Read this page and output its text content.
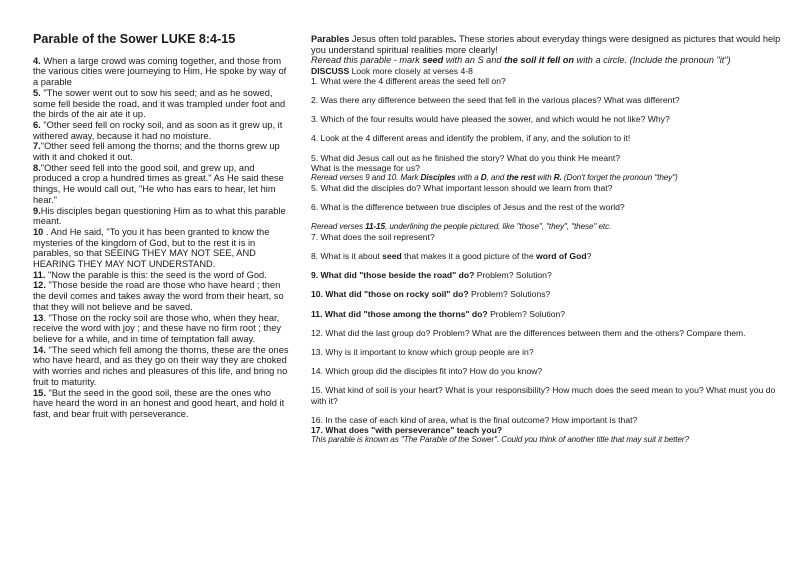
Parable of the Sower LUKE 8:4-15
4. When a large crowd was coming together, and those from the various cities were journeying to Him, He spoke by way of a parable
5. "The sower went out to sow his seed; and as he sowed, some fell beside the road, and it was trampled under foot and the birds of the air ate it up.
6. "Other seed fell on rocky soil, and as soon as it grew up, it withered away, because it had no moisture.
7."Other seed fell among the thorns; and the thorns grew up with it and choked it out.
8."Other seed fell into the good soil, and grew up, and produced a crop a hundred times as great." As He said these things, He would call out, "He who has ears to hear, let him hear."
9.His disciples began questioning Him as to what this parable meant.
10 . And He said, "To you it has been granted to know the mysteries of the kingdom of God, but to the rest it is in parables, so that SEEING THEY MAY NOT SEE, AND HEARING THEY MAY NOT UNDERSTAND.
11. "Now the parable is this: the seed is the word of God.
12. "Those beside the road are those who have heard ; then the devil comes and takes away the word from their heart, so that they will not believe and be saved.
13. "Those on the rocky soil are those who, when they hear, receive the word with joy ; and these have no firm root ; they believe for a while, and in time of temptation fall away.
14. "The seed which fell among the thorns, these are the ones who have heard, and as they go on their way they are choked with worries and riches and pleasures of this life, and bring no fruit to maturity.
15. "But the seed in the good soil, these are the ones who have heard the word in an honest and good heart, and hold it fast, and bear fruit with perseverance.
Parables Jesus often told parables. These stories about everyday things were designed as pictures that would help you understand spiritual realities more clearly!
Reread this parable - mark seed with an S and the soil it fell on with a circle. (Include the pronoun "it")
DISCUSS Look more closely at verses 4-8
1. What were the 4 different areas the seed fell on?
2. Was there any difference between the seed that fell in the various places? What was different?
3. Which of the four results would have pleased the sower, and which would he not like? Why?
4. Look at the 4 different areas and identify the problem, if any, and the solution to it!
5. What did Jesus call out as he finished the story? What do you think He meant?
What is the message for us?
Reread verses 9 and 10. Mark Disciples with a D, and the rest with R. (Don't forget the pronoun "they")
5. What did the disciples do? What important lesson should we learn from that?
6. What is the difference between true disciples of Jesus and the rest of the world?
Reread verses 11-15, underlining the people pictured, like "those", "they", "these" etc.
7. What does the soil represent?
8. What is it about seed that makes it a good picture of the word of God?
9. What did "those beside the road" do? Problem? Solution?
10. What did "those on rocky soil" do? Problem? Solutions?
11. What did "those among the thorns" do? Problem? Solution?
12. What did the last group do? Problem? What are the differences between them and the others? Compare them.
13. Why is it important to know which group people are in?
14. Which group did the disciples fit into? How do you know?
15. What kind of soil is your heart? What is your responsibility? How much does the seed mean to you? What must you do with it?
16. In the case of each kind of area, what is the final outcome? How important is that?
17. What does "with perseverance" teach you?
This parable is known as "The Parable of the Sower". Could you think of another title that may suit it better?
